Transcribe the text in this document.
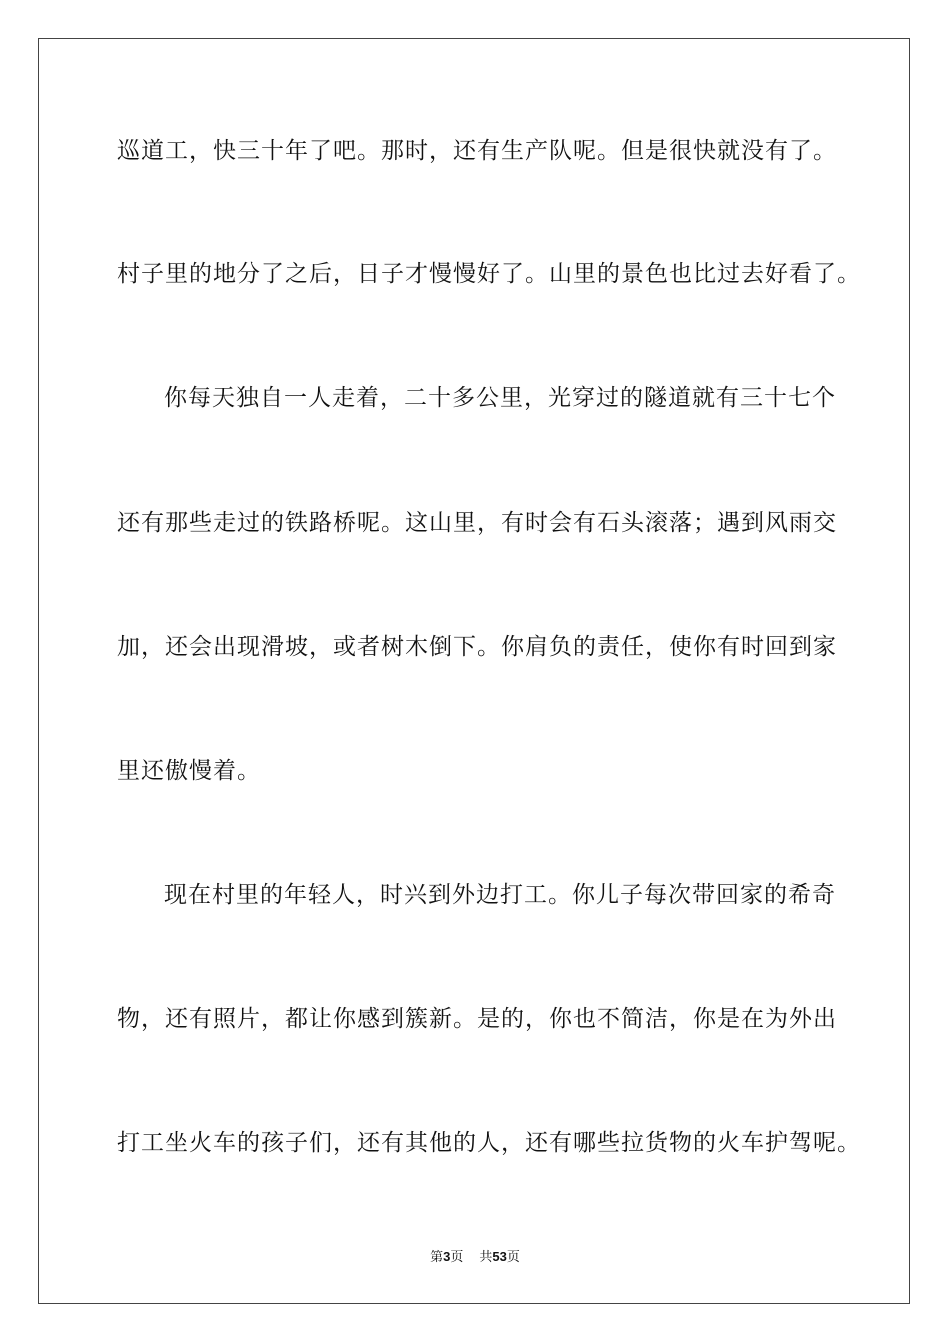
巡道工，快三十年了吧。那时，还有生产队呢。但是很快就没有了。

村子里的地分了之后，日子才慢慢好了。山里的景色也比过去好看了。

你每天独自一人走着，二十多公里，光穿过的隧道就有三十七个

还有那些走过的铁路桥呢。这山里，有时会有石头滚落；遇到风雨交

加，还会出现滑坡，或者树木倒下。你肩负的责任，使你有时回到家

里还傲慢着。

现在村里的年轻人，时兴到外边打工。你儿子每次带回家的希奇

物，还有照片，都让你感到簇新。是的，你也不简洁，你是在为外出

打工坐火车的孩子们，还有其他的人，还有哪些拉货物的火车护驾呢。

第3页 共53页
